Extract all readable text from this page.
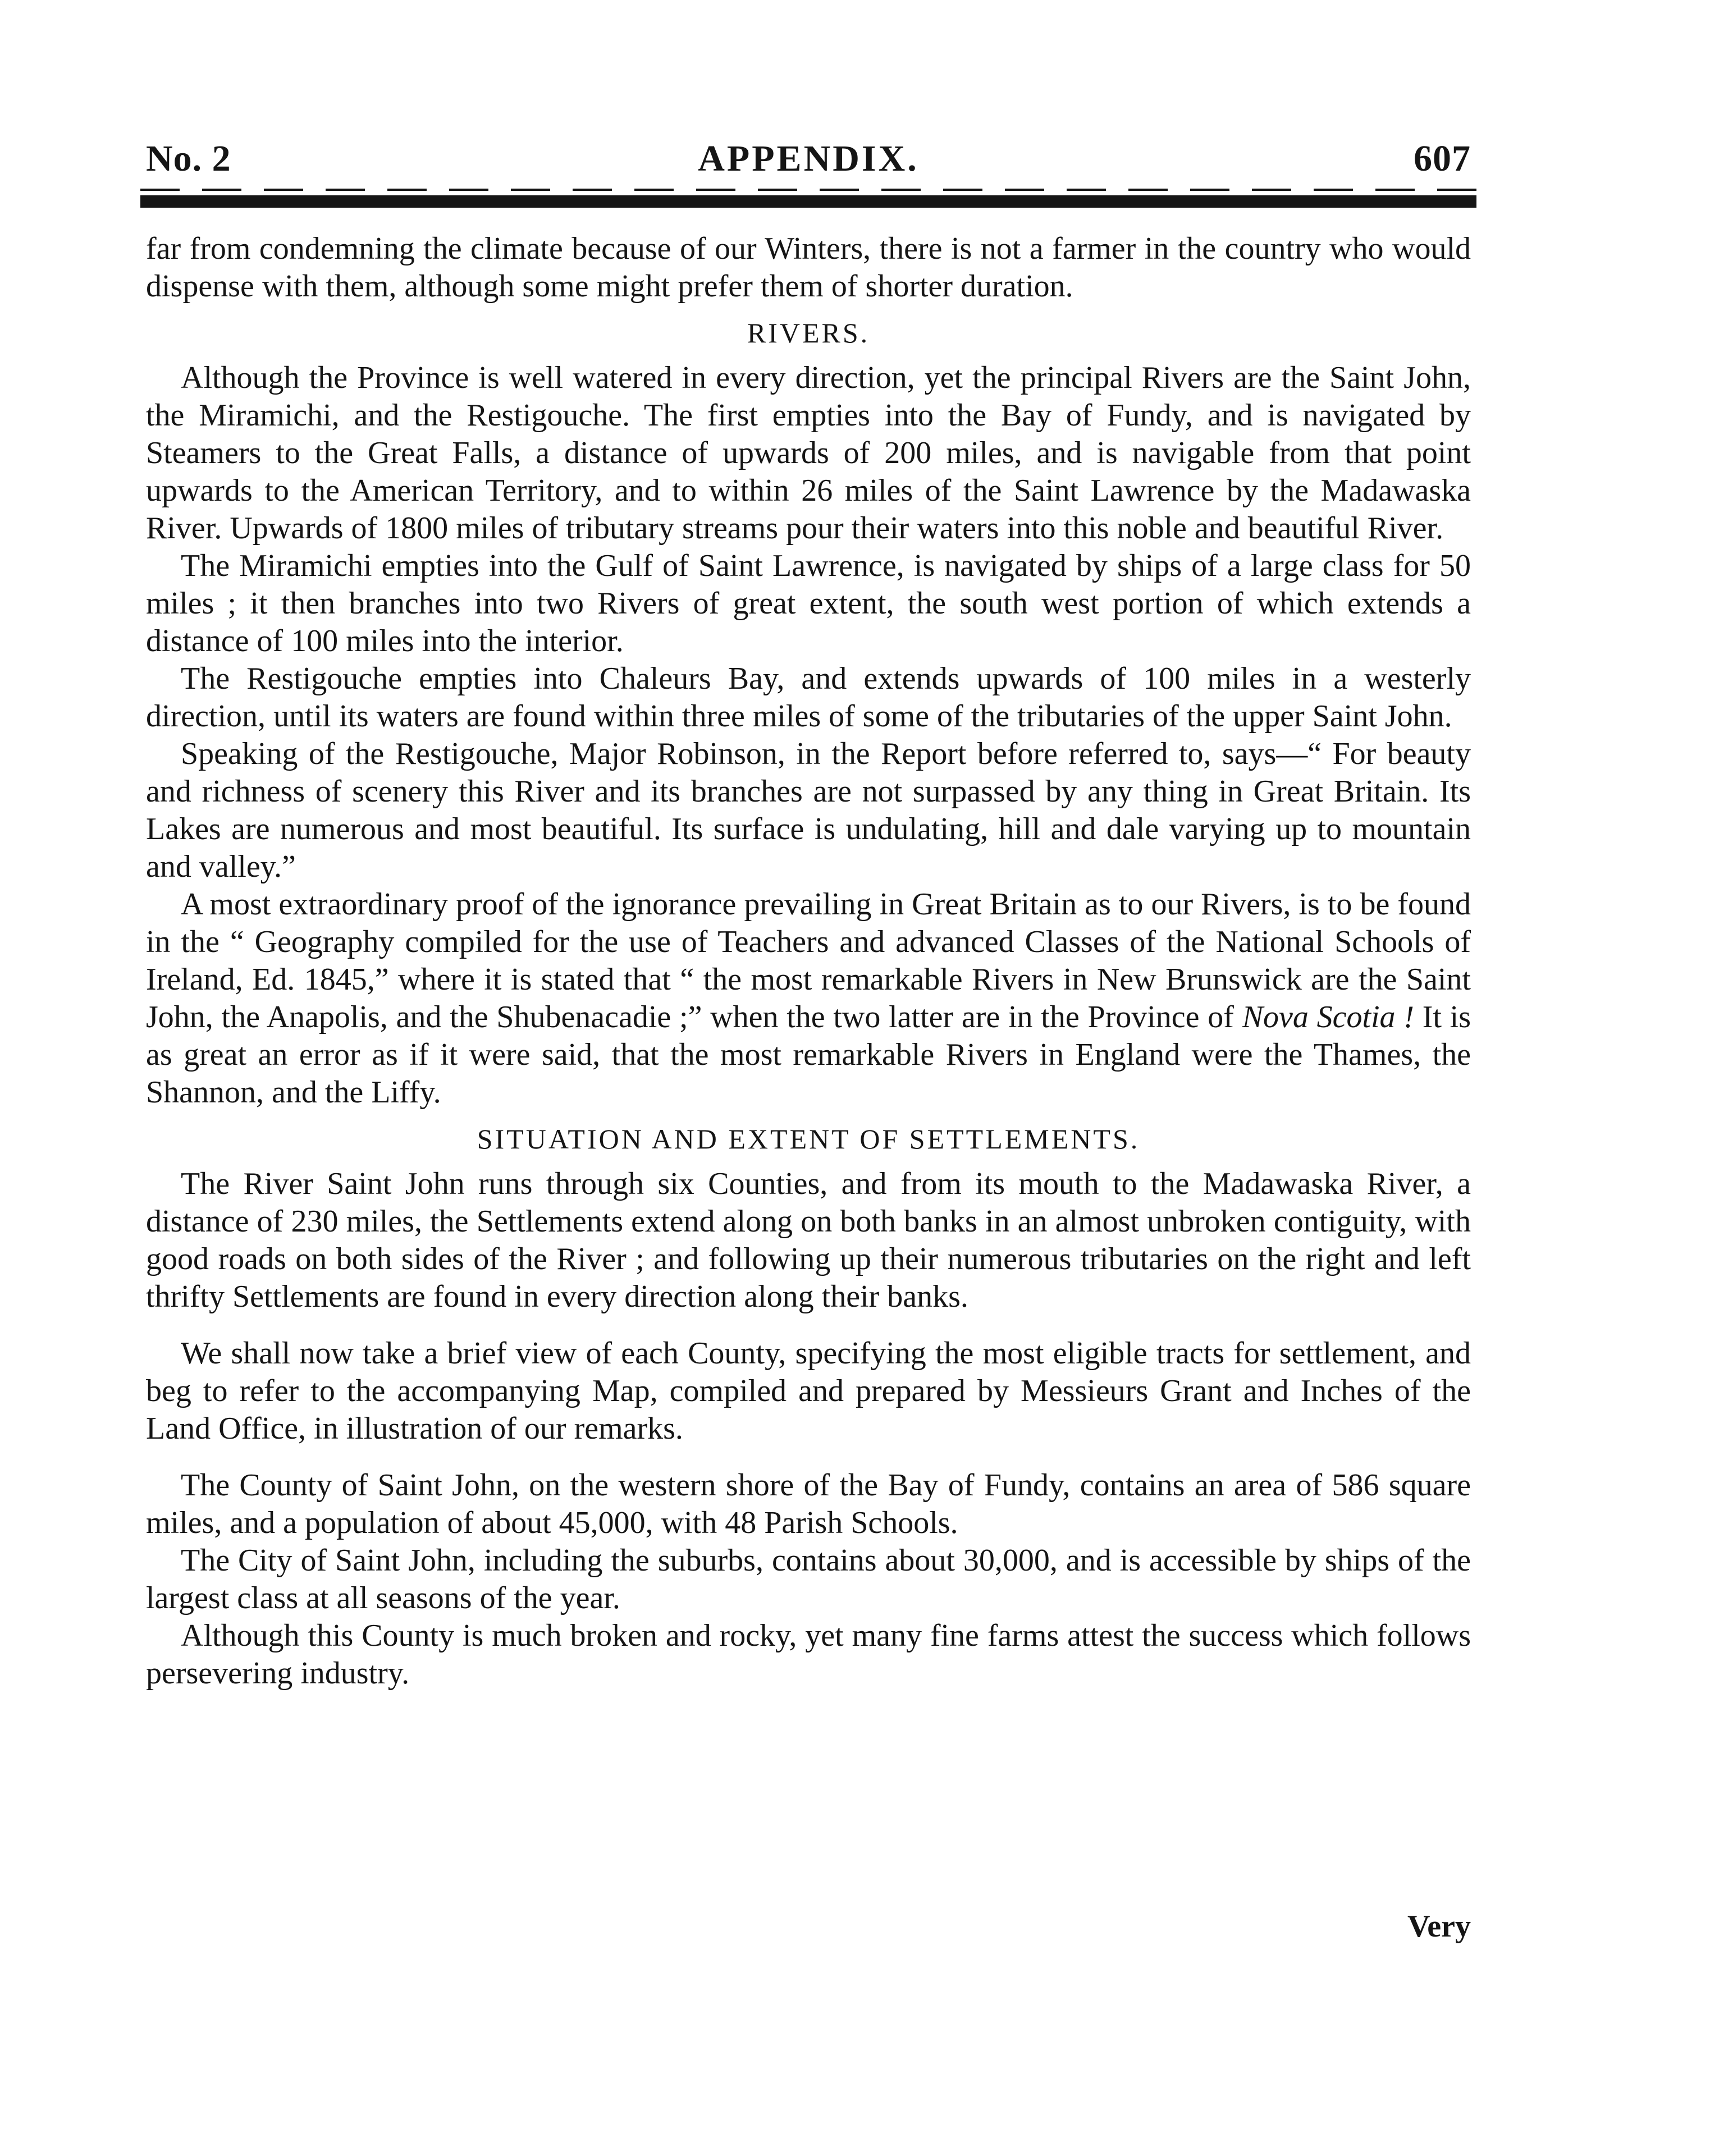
No. 2	APPENDIX.	607

far from condemning the climate because of our Winters, there is not a farmer in the country who would dispense with them, although some might prefer them of shorter duration.

RIVERS.

Although the Province is well watered in every direction, yet the principal Rivers are the Saint John, the Miramichi, and the Restigouche. The first empties into the Bay of Fundy, and is navigated by Steamers to the Great Falls, a distance of upwards of 200 miles, and is navigable from that point upwards to the American Territory, and to within 26 miles of the Saint Lawrence by the Madawaska River. Upwards of 1800 miles of tributary streams pour their waters into this noble and beautiful River.

The Miramichi empties into the Gulf of Saint Lawrence, is navigated by ships of a large class for 50 miles ; it then branches into two Rivers of great extent, the south west portion of which extends a distance of 100 miles into the interior.

The Restigouche empties into Chaleurs Bay, and extends upwards of 100 miles in a westerly direction, until its waters are found within three miles of some of the tributaries of the upper Saint John.

Speaking of the Restigouche, Major Robinson, in the Report before referred to, says—“ For beauty and richness of scenery this River and its branches are not surpassed by any thing in Great Britain. Its Lakes are numerous and most beautiful. Its surface is undulating, hill and dale varying up to mountain and valley.”

A most extraordinary proof of the ignorance prevailing in Great Britain as to our Rivers, is to be found in the “ Geography compiled for the use of Teachers and advanced Classes of the National Schools of Ireland, Ed. 1845,” where it is stated that “ the most remarkable Rivers in New Brunswick are the Saint John, the Anapolis, and the Shubenacadie ;” when the two latter are in the Province of Nova Scotia ! It is as great an error as if it were said, that the most remarkable Rivers in England were the Thames, the Shannon, and the Liffy.

SITUATION AND EXTENT OF SETTLEMENTS.

The River Saint John runs through six Counties, and from its mouth to the Madawaska River, a distance of 230 miles, the Settlements extend along on both banks in an almost unbroken contiguity, with good roads on both sides of the River ; and following up their numerous tributaries on the right and left thrifty Settlements are found in every direction along their banks.

We shall now take a brief view of each County, specifying the most eligible tracts for settlement, and beg to refer to the accompanying Map, compiled and prepared by Messieurs Grant and Inches of the Land Office, in illustration of our remarks.

The County of Saint John, on the western shore of the Bay of Fundy, contains an area of 586 square miles, and a population of about 45,000, with 48 Parish Schools.

The City of Saint John, including the suburbs, contains about 30,000, and is accessible by ships of the largest class at all seasons of the year.

Although this County is much broken and rocky, yet many fine farms attest the success which follows persevering industry.

Very
